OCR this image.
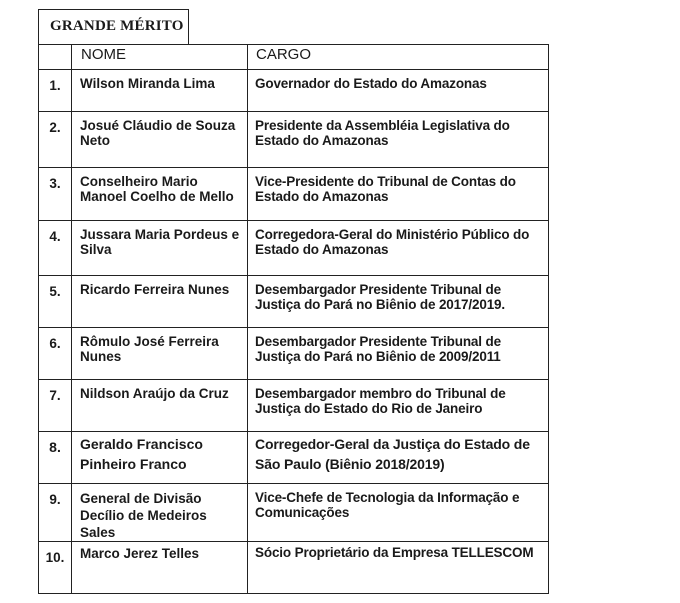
GRANDE MÉRITO
	NOME	CARGO
1.	Wilson Miranda Lima	Governador do Estado do Amazonas
2.	Josué Cláudio de Souza Neto	Presidente da Assembléia Legislativa do Estado do Amazonas
3.	Conselheiro Mario Manoel Coelho de Mello	Vice-Presidente do Tribunal de Contas do Estado do Amazonas
4.	Jussara Maria Pordeus e Silva	Corregedora-Geral do Ministério Público do Estado do Amazonas
5.	Ricardo Ferreira Nunes	Desembargador Presidente Tribunal de Justiça do Pará no Biênio de 2017/2019.
6.	Rômulo José Ferreira Nunes	Desembargador Presidente Tribunal de Justiça do Pará no Biênio de 2009/2011
7.	Nildson Araújo da Cruz	Desembargador membro do Tribunal de Justiça do Estado do Rio de Janeiro
8.	Geraldo Francisco Pinheiro Franco	Corregedor-Geral da Justiça do Estado de São Paulo (Biênio 2018/2019)
9.	General de Divisão Decílio de Medeiros Sales	Vice-Chefe de Tecnologia da Informação e Comunicações
10.	Marco Jerez Telles	Sócio Proprietário da Empresa TELLESCOM
